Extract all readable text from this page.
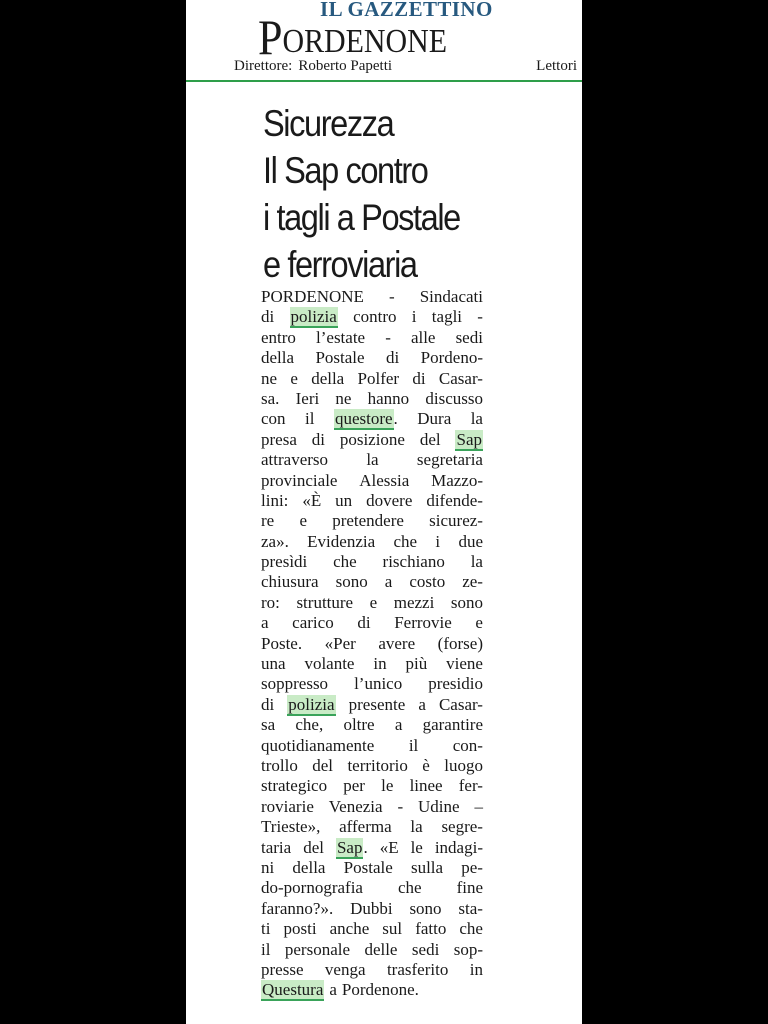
IL GAZZETTINO
PORDENONE
Direttore: Roberto Papetti	Lettori
Sicurezza
Il Sap contro
i tagli a Postale
e ferroviaria
PORDENONE - Sindacati
di polizia contro i tagli -
entro l’estate - alle sedi
della Postale di Pordeno-
ne e della Polfer di Casar-
sa. Ieri ne hanno discusso
con il questore. Dura la
presa di posizione del Sap
attraverso la segretaria
provinciale Alessia Mazzo-
lini: «È un dovere difende-
re e pretendere sicurez-
za». Evidenzia che i due
presìdi che rischiano la
chiusura sono a costo ze-
ro: strutture e mezzi sono
a carico di Ferrovie e
Poste. «Per avere (forse)
una volante in più viene
soppresso l’unico presidio
di polizia presente a Casar-
sa che, oltre a garantire
quotidianamente il con-
trollo del territorio è luogo
strategico per le linee fer-
roviarie Venezia - Udine –
Trieste», afferma la segre-
taria del Sap. «E le indagi-
ni della Postale sulla pe-
do-pornografia che fine
faranno?». Dubbi sono sta-
ti posti anche sul fatto che
il personale delle sedi sop-
presse venga trasferito in
Questura a Pordenone.
